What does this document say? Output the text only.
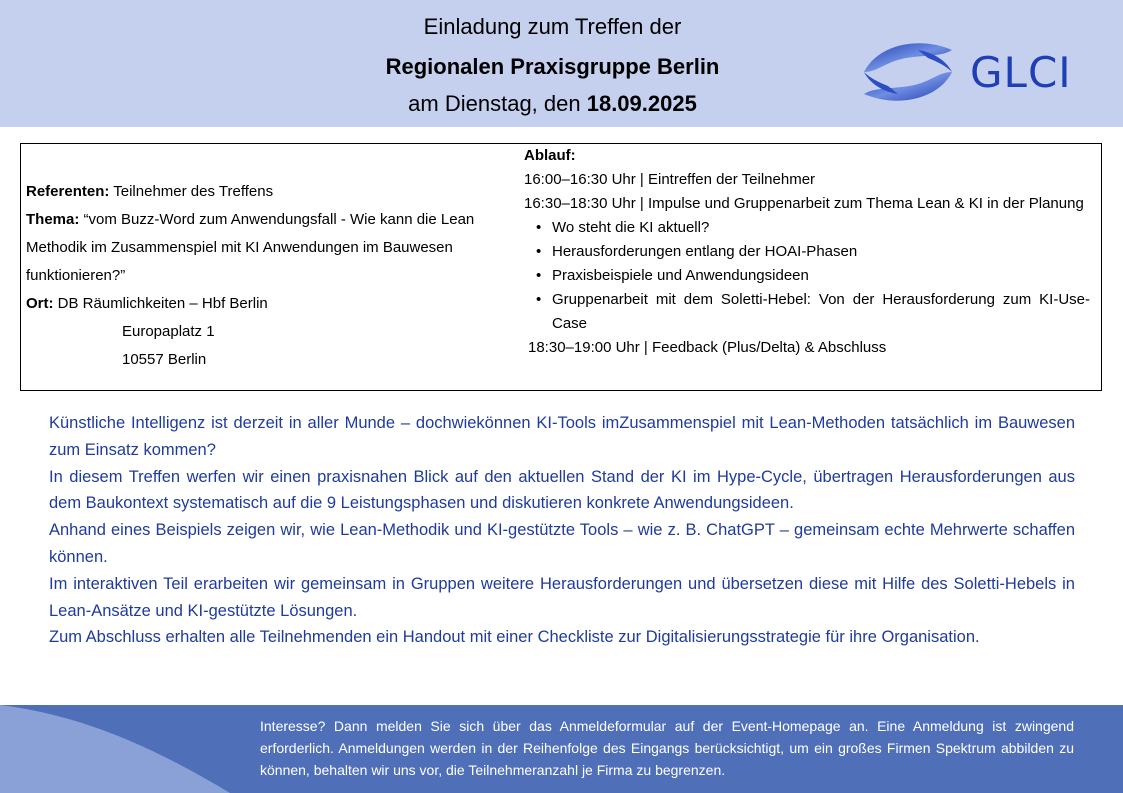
Einladung zum Treffen der
Regionalen Praxisgruppe Berlin
am Dienstag, den 18.09.2025
GLCI
Referenten: Teilnehmer des Treffens
Thema: “vom Buzz-Word zum Anwendungsfall - Wie kann die Lean Methodik im Zusammenspiel mit KI Anwendungen im Bauwesen funktionieren?”
Ort: DB Räumlichkeiten – Hbf Berlin
Europaplatz 1
10557 Berlin
Ablauf:
16:00–16:30 Uhr | Eintreffen der Teilnehmer
16:30–18:30 Uhr | Impulse und Gruppenarbeit zum Thema Lean & KI in der Planung
• Wo steht die KI aktuell?
• Herausforderungen entlang der HOAI-Phasen
• Praxisbeispiele und Anwendungsideen
• Gruppenarbeit mit dem Soletti-Hebel: Von der Herausforderung zum KI-Use-Case
18:30–19:00 Uhr | Feedback (Plus/Delta) & Abschluss

Künstliche Intelligenz ist derzeit in aller Munde – dochwiekönnen KI-Tools imZusammenspiel mit Lean-Methoden tatsächlich im Bauwesen zum Einsatz kommen?

In diesem Treffen werfen wir einen praxisnahen Blick auf den aktuellen Stand der KI im Hype-Cycle, übertragen Herausforderungen aus dem Baukontext systematisch auf die 9 Leistungsphasen und diskutieren konkrete Anwendungsideen.

Anhand eines Beispiels zeigen wir, wie Lean-Methodik und KI-gestützte Tools – wie z. B. ChatGPT – gemeinsam echte Mehrwerte schaffen können.

Im interaktiven Teil erarbeiten wir gemeinsam in Gruppen weitere Herausforderungen und übersetzen diese mit Hilfe des Soletti-Hebels in Lean-Ansätze und KI-gestützte Lösungen.

Zum Abschluss erhalten alle Teilnehmenden ein Handout mit einer Checkliste zur Digitalisierungsstrategie für ihre Organisation.

Interesse? Dann melden Sie sich über das Anmeldeformular auf der Event-Homepage an. Eine Anmeldung ist zwingend erforderlich. Anmeldungen werden in der Reihenfolge des Eingangs berücksichtigt, um ein großes Firmen Spektrum abbilden zu können, behalten wir uns vor, die Teilnehmeranzahl je Firma zu begrenzen.
